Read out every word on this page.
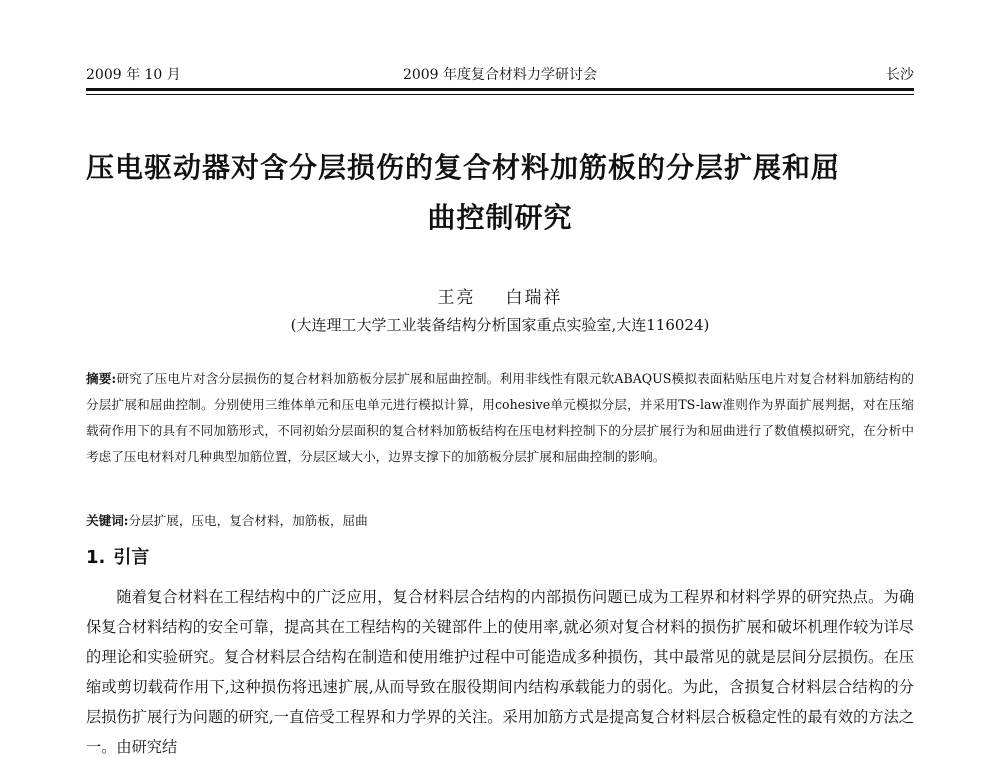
2009 年 10 月	2009 年度复合材料力学研讨会	长沙
压电驱动器对含分层损伤的复合材料加筋板的分层扩展和屈
曲控制研究
王亮 白瑞祥
(大连理工大学工业装备结构分析国家重点实验室,大连116024)
摘要:研究了压电片对含分层损伤的复合材料加筋板分层扩展和屈曲控制。利用非线性有限元软ABAQUS模拟表面粘贴压电片对复合材料加筋结构的分层扩展和屈曲控制。分别使用三维体单元和压电单元进行模拟计算，用cohesive单元模拟分层，并采用TS-law准则作为界面扩展判据，对在压缩载荷作用下的具有不同加筋形式，不同初始分层面积的复合材料加筋板结构在压电材料控制下的分层扩展行为和屈曲进行了数值模拟研究，在分析中考虑了压电材料对几种典型加筋位置，分层区域大小，边界支撑下的加筋板分层扩展和屈曲控制的影响。
关键词:分层扩展，压电，复合材料，加筋板，屈曲
1. 引言
随着复合材料在工程结构中的广泛应用，复合材料层合结构的内部损伤问题已成为工程界和材料学界的研究热点。为确保复合材料结构的安全可靠，提高其在工程结构的关键部件上的使用率,就必须对复合材料的损伤扩展和破坏机理作较为详尽的理论和实验研究。复合材料层合结构在制造和使用维护过程中可能造成多种损伤，其中最常见的就是层间分层损伤。在压缩或剪切载荷作用下,这种损伤将迅速扩展,从而导致在服役期间内结构承载能力的弱化。为此，含损复合材料层合结构的分层损伤扩展行为问题的研究,一直倍受工程界和力学界的关注。采用加筋方式是提高复合材料层合板稳定性的最有效的方法之一。由研究结
